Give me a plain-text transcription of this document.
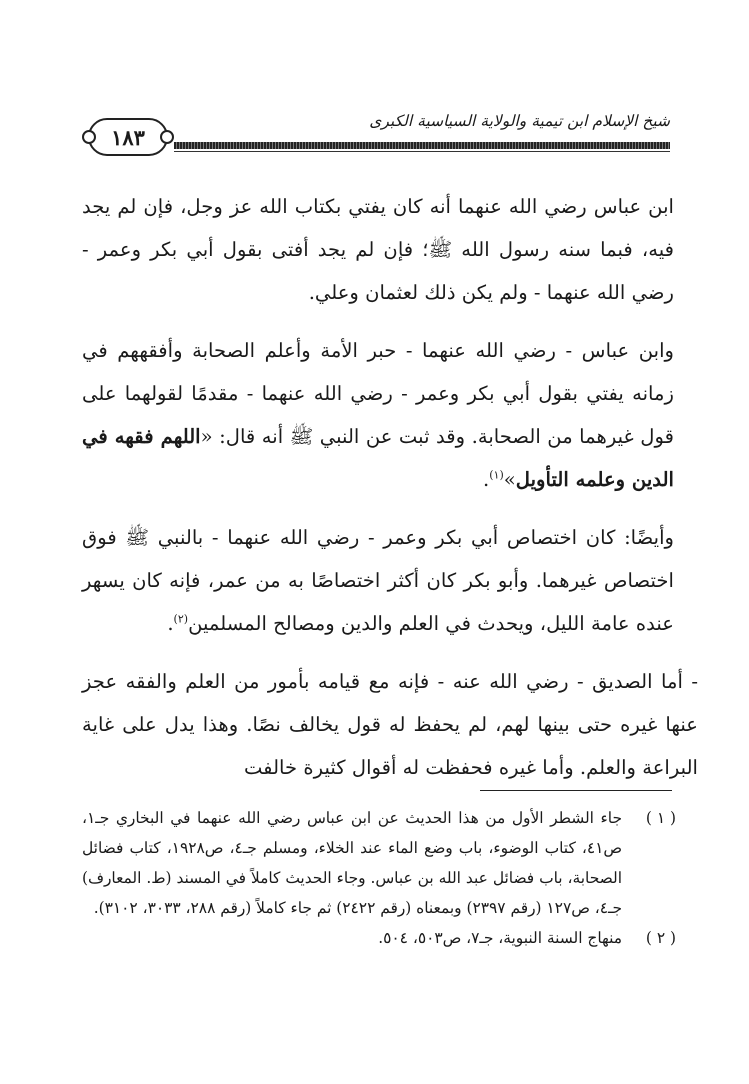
١٨٣
شيخ الإسلام ابن تيمية والولاية السياسية الكبرى

ابن عباس رضي الله عنهما أنه كان يفتي بكتاب الله عز وجل، فإن لم يجد فيه، فبما سنه رسول الله ﷺ؛ فإن لم يجد أفتى بقول أبي بكر وعمر - رضي الله عنهما - ولم يكن ذلك لعثمان وعلي.

وابن عباس - رضي الله عنهما - حبر الأمة وأعلم الصحابة وأفقههم في زمانه يفتي بقول أبي بكر وعمر - رضي الله عنهما - مقدمًا لقولهما على قول غيرهما من الصحابة. وقد ثبت عن النبي ﷺ أنه قال: «اللهم فقهه في الدين وعلمه التأويل»$^{(١)}$.

وأيضًا: كان اختصاص أبي بكر وعمر - رضي الله عنهما - بالنبي ﷺ فوق اختصاص غيرهما. وأبو بكر كان أكثر اختصاصًا به من عمر، فإنه كان يسهر عنده عامة الليل، ويحدث في العلم والدين ومصالح المسلمين$^{(٢)}$.

- أما الصديق - رضي الله عنه - فإنه مع قيامه بأمور من العلم والفقه عجز عنها غيره حتى بينها لهم، لم يحفظ له قول يخالف نصًا. وهذا يدل على غاية البراعة والعلم. وأما غيره فحفظت له أقوال كثيرة خالفت

( ١ )
جاء الشطر الأول من هذا الحديث عن ابن عباس رضي الله عنهما في البخاري جـ١، ص٤١، كتاب الوضوء، باب وضع الماء عند الخلاء، ومسلم جـ٤، ص١٩٢٨، كتاب فضائل الصحابة، باب فضائل عبد الله بن عباس. وجاء الحديث كاملاً في المسند (ط. المعارف) جـ٤، ص١٢٧ (رقم ٢٣٩٧) وبمعناه (رقم ٢٤٢٢) ثم جاء كاملاً (رقم ٢٨٨، ٣٠٣٣، ٣١٠٢).
( ٢ )
منهاج السنة النبوية، جـ٧، ص٥٠٣، ٥٠٤.
